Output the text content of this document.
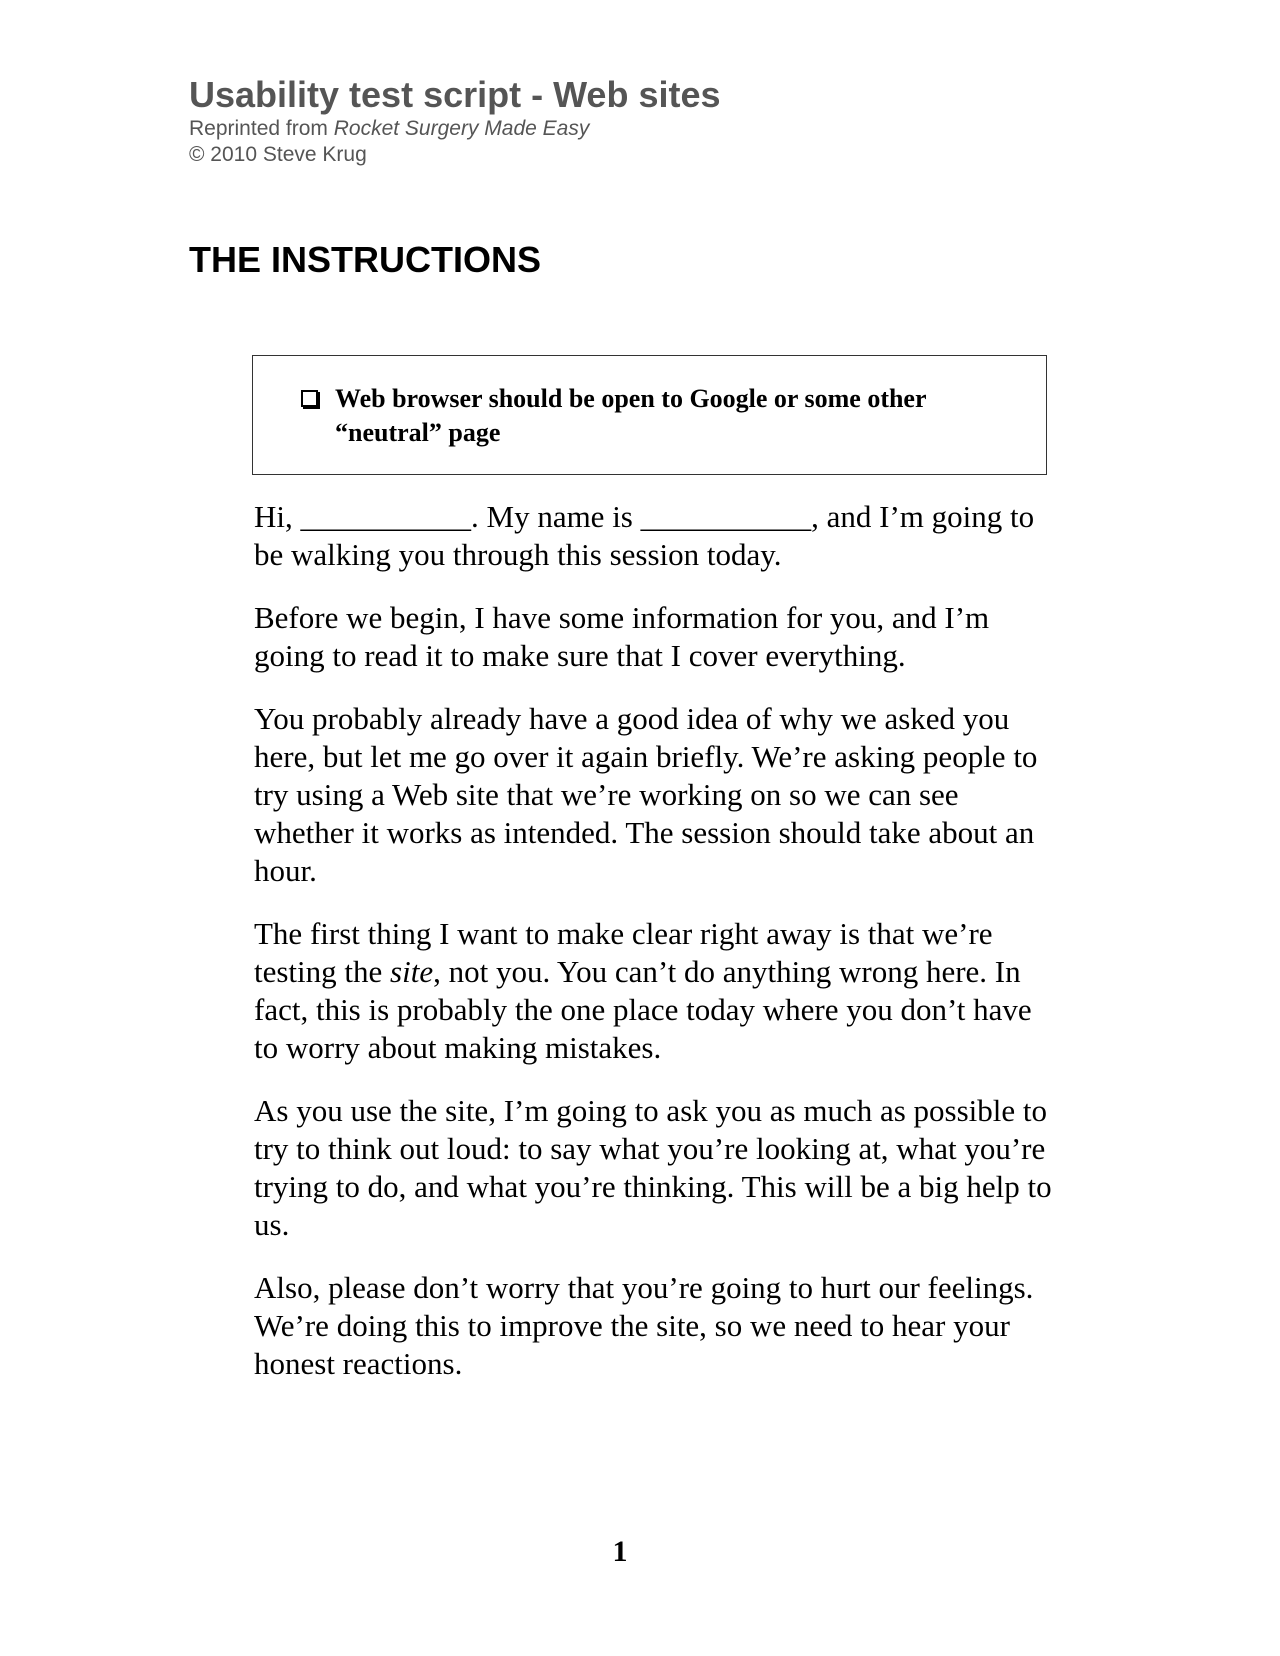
Usability test script - Web sites

Reprinted from Rocket Surgery Made Easy

© 2010 Steve Krug

THE INSTRUCTIONS
Web browser should be open to Google or some other “neutral” page

Hi, ___________. My name is ___________, and I’m going to be walking you through this session today.

Before we begin, I have some information for you, and I’m going to read it to make sure that I cover everything.

You probably already have a good idea of why we asked you here, but let me go over it again briefly. We’re asking people to try using a Web site that we’re working on so we can see whether it works as intended. The session should take about an hour.

The first thing I want to make clear right away is that we’re testing the site, not you. You can’t do anything wrong here. In fact, this is probably the one place today where you don’t have to worry about making mistakes.

As you use the site, I’m going to ask you as much as possible to try to think out loud: to say what you’re looking at, what you’re trying to do, and what you’re thinking. This will be a big help to us.

Also, please don’t worry that you’re going to hurt our feelings. We’re doing this to improve the site, so we need to hear your honest reactions.

1
